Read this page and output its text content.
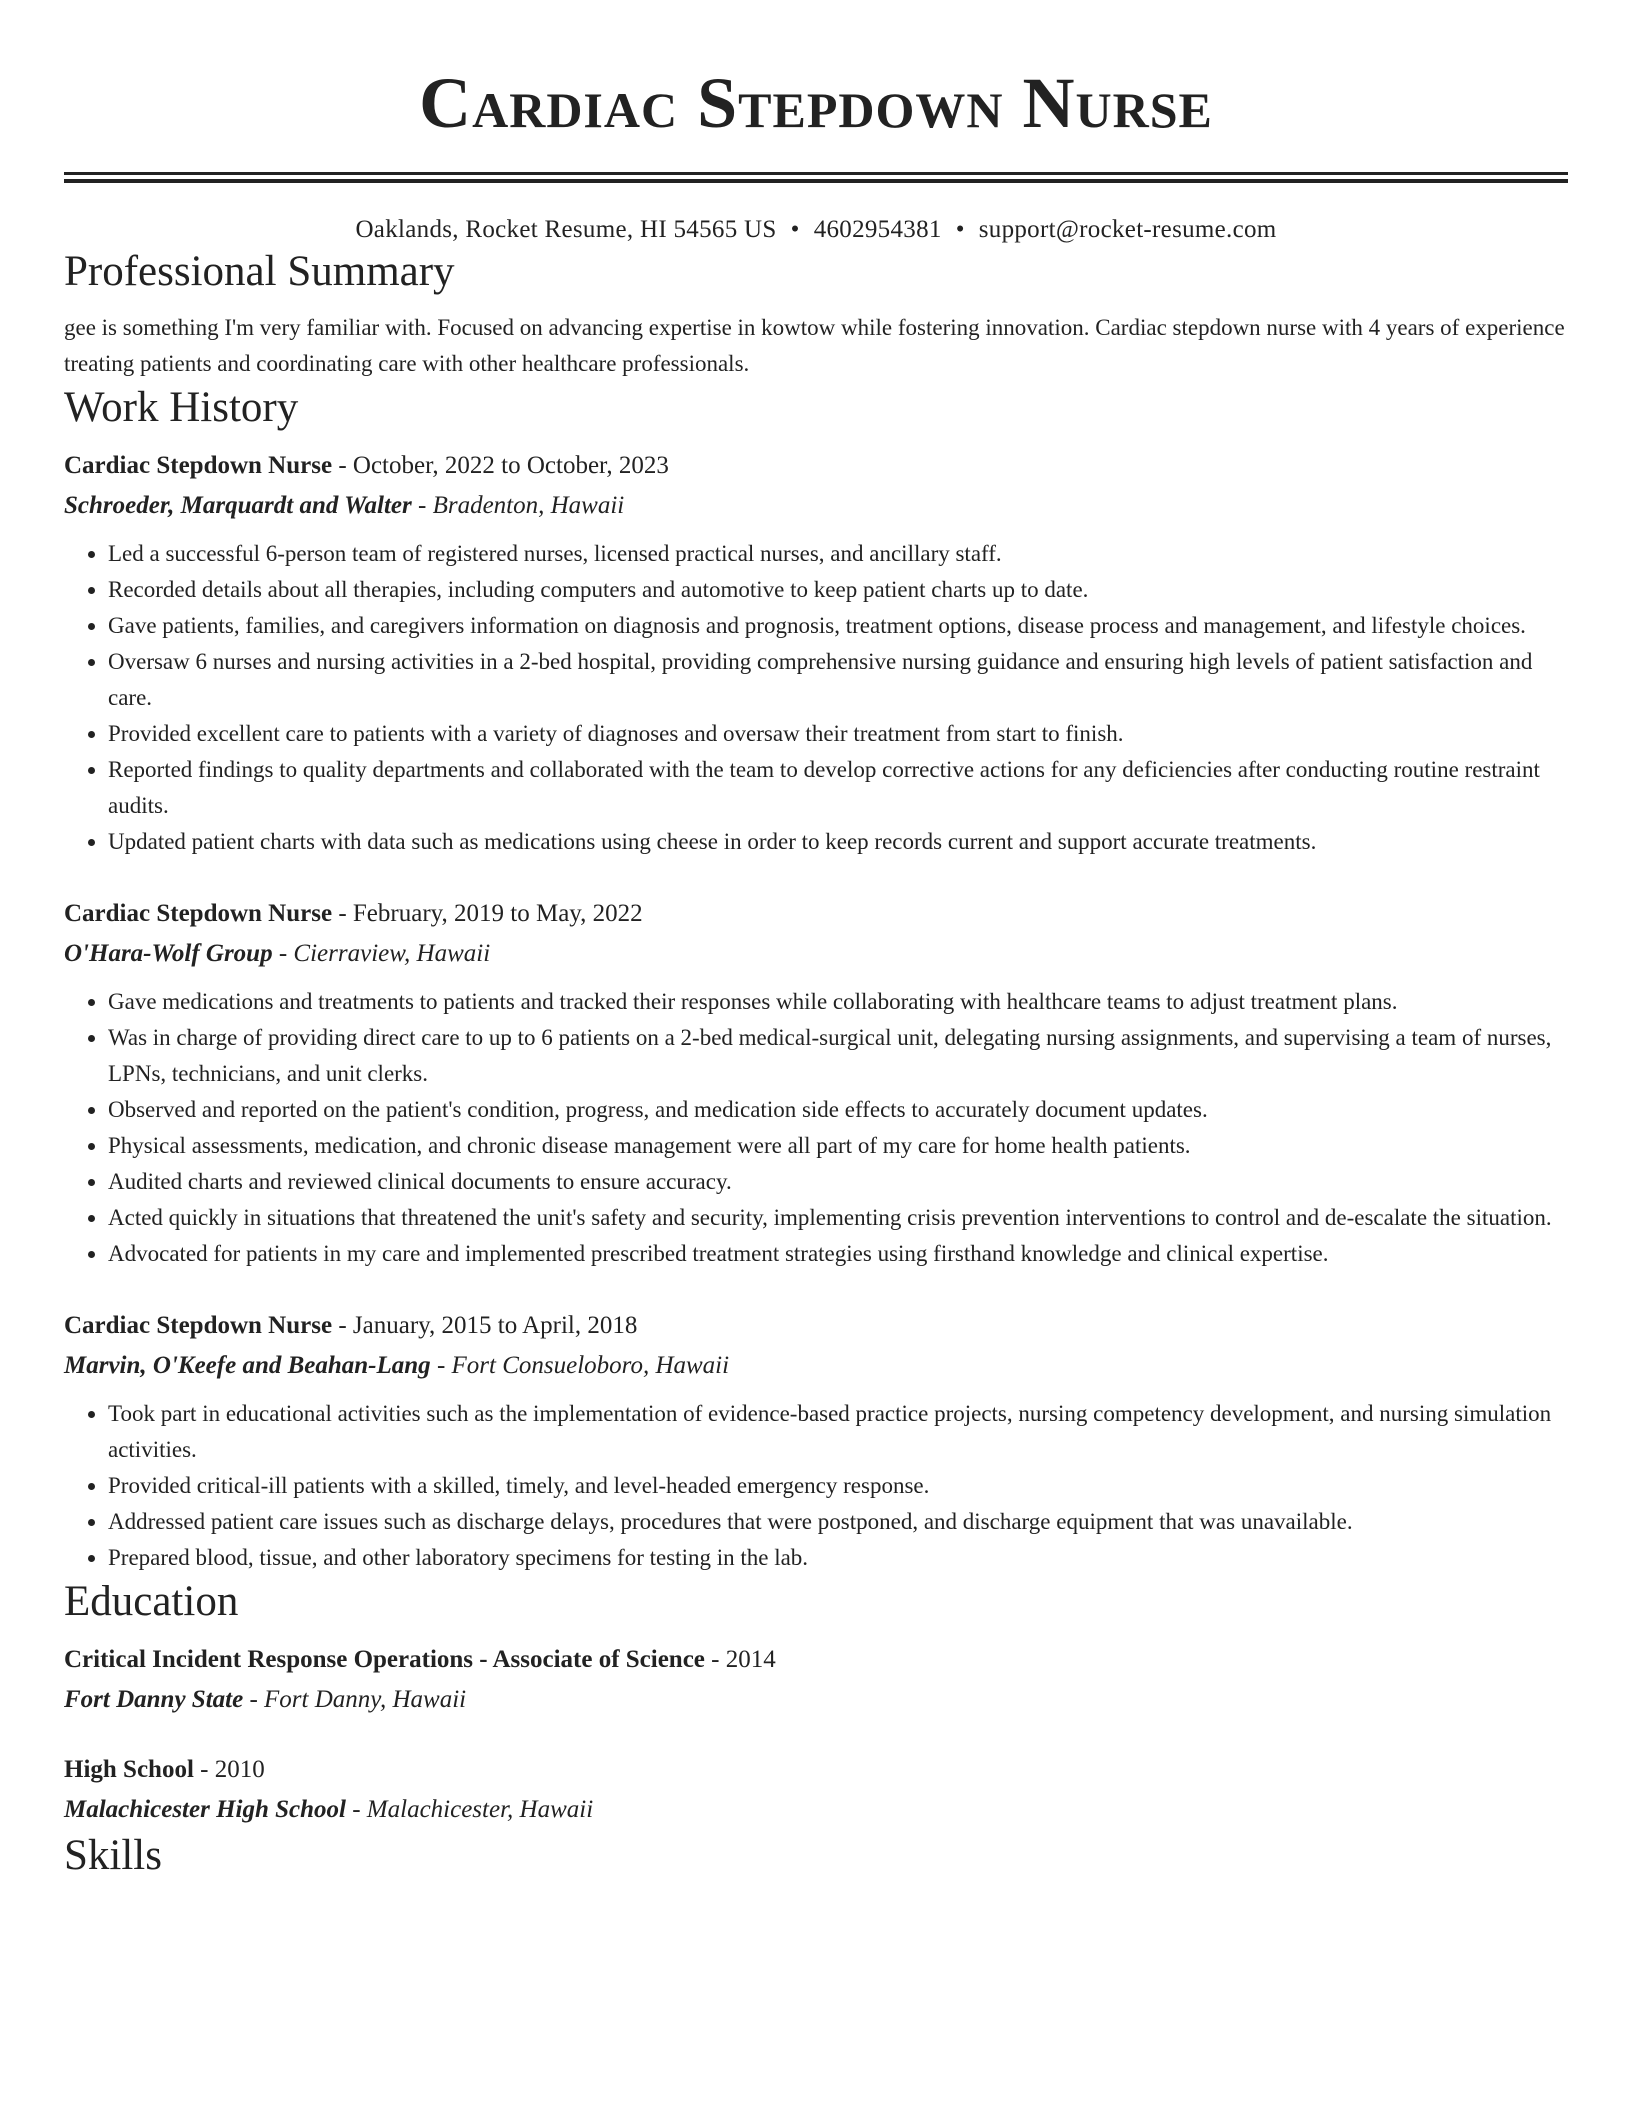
Cardiac Stepdown Nurse
Oaklands, Rocket Resume, HI 54565 US • 4602954381 • support@rocket-resume.com
Professional Summary
gee is something I'm very familiar with. Focused on advancing expertise in kowtow while fostering innovation. Cardiac stepdown nurse with 4 years of experience treating patients and coordinating care with other healthcare professionals.
Work History
Cardiac Stepdown Nurse - October, 2022 to October, 2023
Schroeder, Marquardt and Walter - Bradenton, Hawaii
• Led a successful 6-person team of registered nurses, licensed practical nurses, and ancillary staff.
• Recorded details about all therapies, including computers and automotive to keep patient charts up to date.
• Gave patients, families, and caregivers information on diagnosis and prognosis, treatment options, disease process and management, and lifestyle choices.
• Oversaw 6 nurses and nursing activities in a 2-bed hospital, providing comprehensive nursing guidance and ensuring high levels of patient satisfaction and care.
• Provided excellent care to patients with a variety of diagnoses and oversaw their treatment from start to finish.
• Reported findings to quality departments and collaborated with the team to develop corrective actions for any deficiencies after conducting routine restraint audits.
• Updated patient charts with data such as medications using cheese in order to keep records current and support accurate treatments.
Cardiac Stepdown Nurse - February, 2019 to May, 2022
O'Hara-Wolf Group - Cierraview, Hawaii
• Gave medications and treatments to patients and tracked their responses while collaborating with healthcare teams to adjust treatment plans.
• Was in charge of providing direct care to up to 6 patients on a 2-bed medical-surgical unit, delegating nursing assignments, and supervising a team of nurses, LPNs, technicians, and unit clerks.
• Observed and reported on the patient's condition, progress, and medication side effects to accurately document updates.
• Physical assessments, medication, and chronic disease management were all part of my care for home health patients.
• Audited charts and reviewed clinical documents to ensure accuracy.
• Acted quickly in situations that threatened the unit's safety and security, implementing crisis prevention interventions to control and de-escalate the situation.
• Advocated for patients in my care and implemented prescribed treatment strategies using firsthand knowledge and clinical expertise.
Cardiac Stepdown Nurse - January, 2015 to April, 2018
Marvin, O'Keefe and Beahan-Lang - Fort Consueloboro, Hawaii
• Took part in educational activities such as the implementation of evidence-based practice projects, nursing competency development, and nursing simulation activities.
• Provided critical-ill patients with a skilled, timely, and level-headed emergency response.
• Addressed patient care issues such as discharge delays, procedures that were postponed, and discharge equipment that was unavailable.
• Prepared blood, tissue, and other laboratory specimens for testing in the lab.
Education
Critical Incident Response Operations - Associate of Science - 2014
Fort Danny State - Fort Danny, Hawaii
High School - 2010
Malachicester High School - Malachicester, Hawaii
Skills
